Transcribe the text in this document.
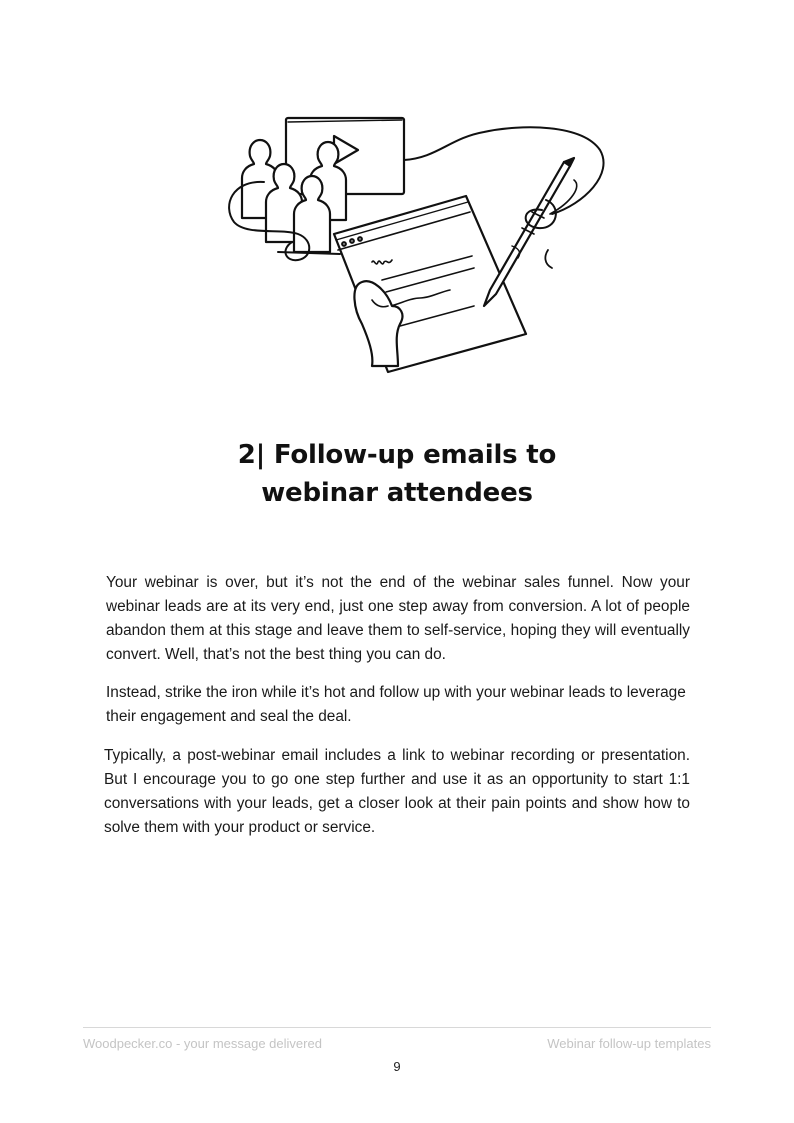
2| Follow-up emails to
webinar attendees

Your webinar is over, but it’s not the end of the webinar sales funnel. Now your webinar leads are at its very end, just one step away from conversion. A lot of people abandon them at this stage and leave them to self-service, hoping they will eventually convert. Well, that’s not the best thing you can do.

Instead, strike the iron while it’s hot and follow up with your webinar leads to leverage their engagement and seal the deal.

Typically, a post-webinar email includes a link to webinar recording or presentation. But I encourage you to go one step further and use it as an opportunity to start 1:1 conversations with your leads, get a closer look at their pain points and show how to solve them with your product or service.

Woodpecker.co - your message delivered	Webinar follow-up templates
9
